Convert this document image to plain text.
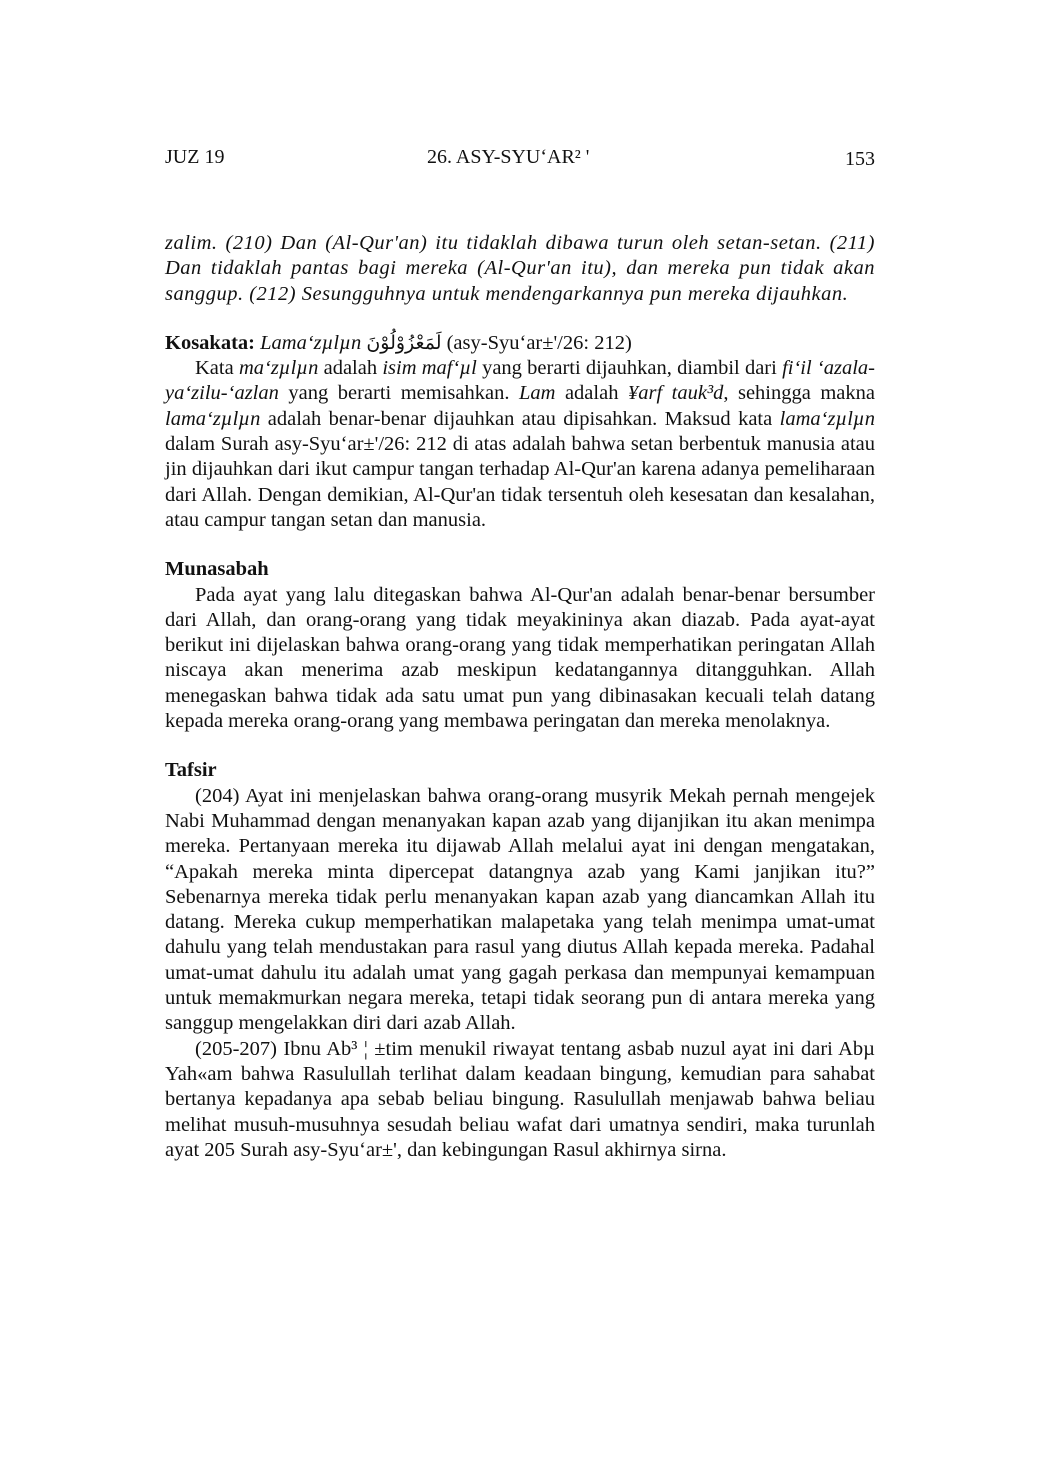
JUZ 19	26. ASY-SYU‘AR² '	153

zalim. (210) Dan (Al-Qur'an) itu tidaklah dibawa turun oleh setan-setan. (211) Dan tidaklah pantas bagi mereka (Al-Qur'an itu), dan mereka pun tidak akan sanggup. (212) Sesungguhnya untuk mendengarkannya pun mereka dijauhkan.

Kosakata: Lama‘zµlµn لَمَعْزُوْلُوْنَ (asy-Syu‘ar±'/26: 212)

Kata ma‘zµlµn adalah isim maf‘µl yang berarti dijauhkan, diambil dari fi‘il ‘azala-ya‘zilu-‘azlan yang berarti memisahkan. Lam adalah ¥arf tauk³d, sehingga makna lama‘zµlµn adalah benar-benar dijauhkan atau dipisahkan. Maksud kata lama‘zµlµn dalam Surah asy-Syu‘ar±'/26: 212 di atas adalah bahwa setan berbentuk manusia atau jin dijauhkan dari ikut campur tangan terhadap Al-Qur'an karena adanya pemeliharaan dari Allah. Dengan demikian, Al-Qur'an tidak tersentuh oleh kesesatan dan kesalahan, atau campur tangan setan dan manusia.

Munasabah

Pada ayat yang lalu ditegaskan bahwa Al-Qur'an adalah benar-benar bersumber dari Allah, dan orang-orang yang tidak meyakininya akan diazab. Pada ayat-ayat berikut ini dijelaskan bahwa orang-orang yang tidak memperhatikan peringatan Allah niscaya akan menerima azab meskipun kedatangannya ditangguhkan. Allah menegaskan bahwa tidak ada satu umat pun yang dibinasakan kecuali telah datang kepada mereka orang-orang yang membawa peringatan dan mereka menolaknya.

Tafsir

(204) Ayat ini menjelaskan bahwa orang-orang musyrik Mekah pernah mengejek Nabi Muhammad dengan menanyakan kapan azab yang dijanjikan itu akan menimpa mereka. Pertanyaan mereka itu dijawab Allah melalui ayat ini dengan mengatakan, “Apakah mereka minta dipercepat datangnya azab yang Kami janjikan itu?” Sebenarnya mereka tidak perlu menanyakan kapan azab yang diancamkan Allah itu datang. Mereka cukup memperhatikan malapetaka yang telah menimpa umat-umat dahulu yang telah mendustakan para rasul yang diutus Allah kepada mereka. Padahal umat-umat dahulu itu adalah umat yang gagah perkasa dan mempunyai kemampuan untuk memakmurkan negara mereka, tetapi tidak seorang pun di antara mereka yang sanggup mengelakkan diri dari azab Allah.

(205-207) Ibnu Ab³ ¦ ±tim menukil riwayat tentang asbab nuzul ayat ini dari Abµ Yah«am bahwa Rasulullah terlihat dalam keadaan bingung, kemudian para sahabat bertanya kepadanya apa sebab beliau bingung. Rasulullah menjawab bahwa beliau melihat musuh-musuhnya sesudah beliau wafat dari umatnya sendiri, maka turunlah ayat 205 Surah asy-Syu‘ar±', dan kebingungan Rasul akhirnya sirna.
